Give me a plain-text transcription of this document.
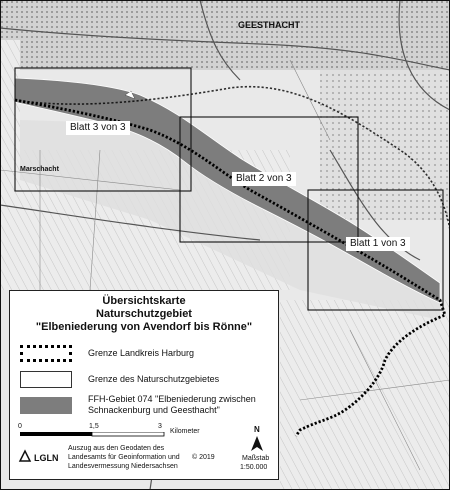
GEESTHACHT
Marschacht
Blatt 3 von 3
Blatt 2 von 3
Blatt 1 von 3
Übersichtskarte
Naturschutzgebiet
"Elbeniederung von Avendorf bis Rönne"
Grenze Landkreis Harburg
Grenze des Naturschutzgebietes
FFH-Gebiet 074 "Elbeniederung zwischen
Schnackenburg und Geesthacht"
0	1,5	3
Kilometer	N
LGLN
Auszug aus den Geodaten des
Landesamts für Geoinformation und
Landesvermessung Niedersachsen
© 2019	Maßstab
1:50.000
